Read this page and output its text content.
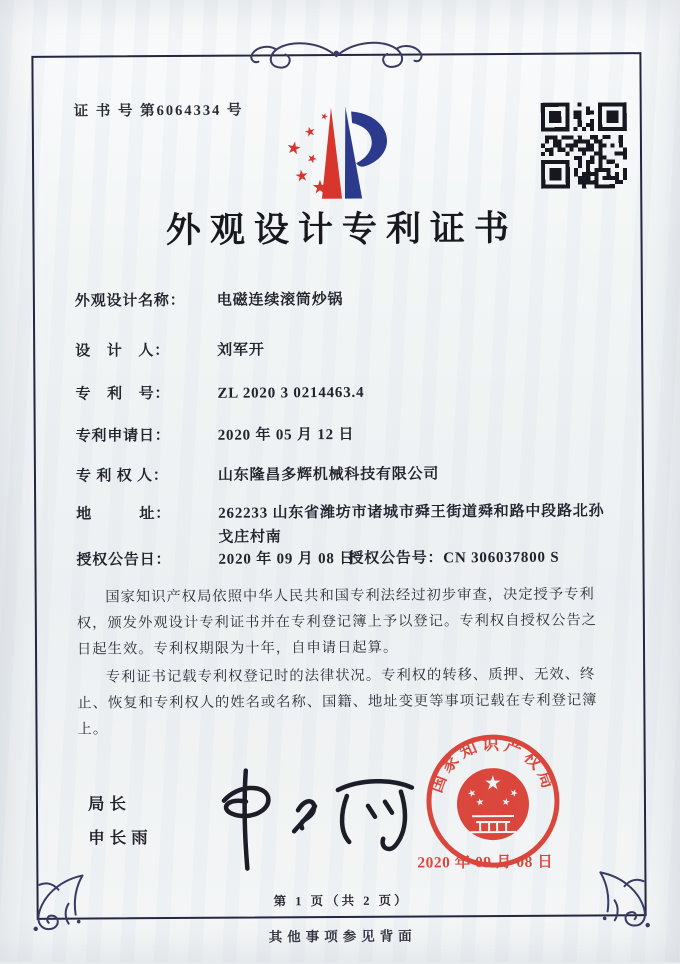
证 书 号 第6064334 号
外观设计专利证书
外观设计名称：	电磁连续滚筒炒锅
设　计　人：	刘军开
专　利　号：	ZL 2020 3 0214463.4
专利申请日：	2020 年 05 月 12 日
专 利 权 人：	山东隆昌多辉机械科技有限公司
地　　　址：	262233 山东省潍坊市诸城市舜王街道舜和路中段路北孙戈庄村南
授权公告日：	2020 年 09 月 08 日
授权公告号： CN 306037800 S

国家知识产权局依照中华人民共和国专利法经过初步审查，决定授予专利权，颁发外观设计专利证书并在专利登记簿上予以登记。专利权自授权公告之日起生效。专利权期限为十年，自申请日起算。

专利证书记载专利权登记时的法律状况。专利权的转移、质押、无效、终止、恢复和专利权人的姓名或名称、国籍、地址变更等事项记载在专利登记簿上。

局长
申长雨
国家知识产权局
2020 年 09 月 08 日
第 1 页（共 2 页）
其他事项参见背面
